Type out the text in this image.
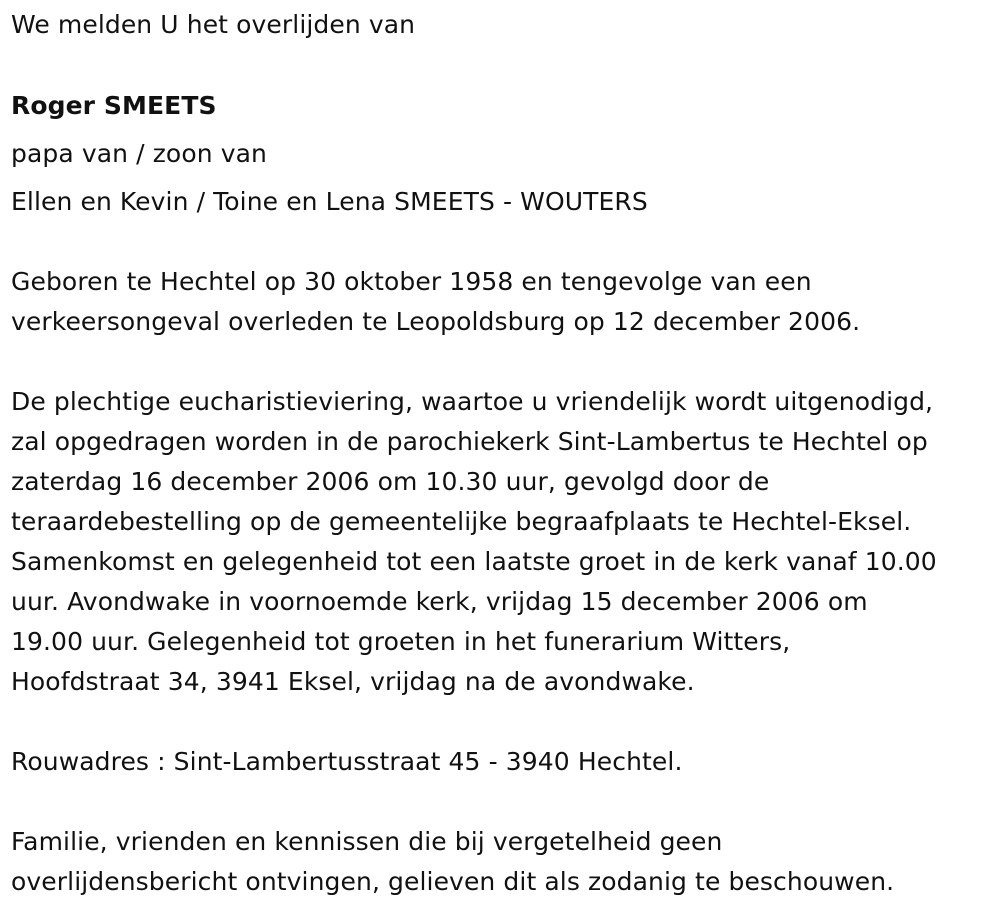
We melden U het overlijden van
Roger SMEETS
papa van / zoon van
Ellen en Kevin / Toine en Lena SMEETS - WOUTERS
Geboren te Hechtel op 30 oktober 1958 en tengevolge van een
verkeersongeval overleden te Leopoldsburg op 12 december 2006.
De plechtige eucharistieviering, waartoe u vriendelijk wordt uitgenodigd,
zal opgedragen worden in de parochiekerk Sint-Lambertus te Hechtel op
zaterdag 16 december 2006 om 10.30 uur, gevolgd door de
teraardebestelling op de gemeentelijke begraafplaats te Hechtel-Eksel.
Samenkomst en gelegenheid tot een laatste groet in de kerk vanaf 10.00
uur. Avondwake in voornoemde kerk, vrijdag 15 december 2006 om
19.00 uur. Gelegenheid tot groeten in het funerarium Witters,
Hoofdstraat 34, 3941 Eksel, vrijdag na de avondwake.
Rouwadres : Sint-Lambertusstraat 45 - 3940 Hechtel.
Familie, vrienden en kennissen die bij vergetelheid geen
overlijdensbericht ontvingen, gelieven dit als zodanig te beschouwen.
